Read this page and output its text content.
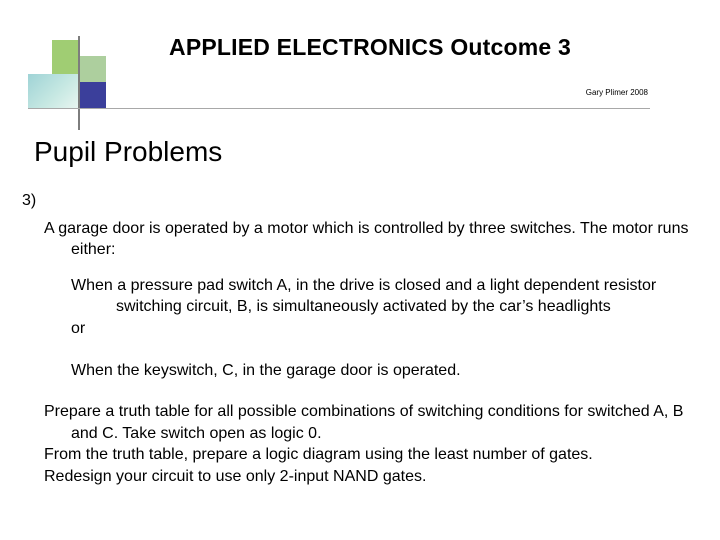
APPLIED ELECTRONICS Outcome 3
Gary Plimer 2008
Pupil Problems

3)

A garage door is operated by a motor which is controlled by three switches. The motor runs either:

When a pressure pad switch A, in the drive is closed and a light dependent resistor switching circuit, B, is simultaneously activated by the car’s headlights

or

When the keyswitch, C, in the garage door is operated.

Prepare a truth table for all possible combinations of switching conditions for switched A, B and C. Take switch open as logic 0.

From the truth table, prepare a logic diagram using the least number of gates.

Redesign your circuit to use only 2-input NAND gates.
